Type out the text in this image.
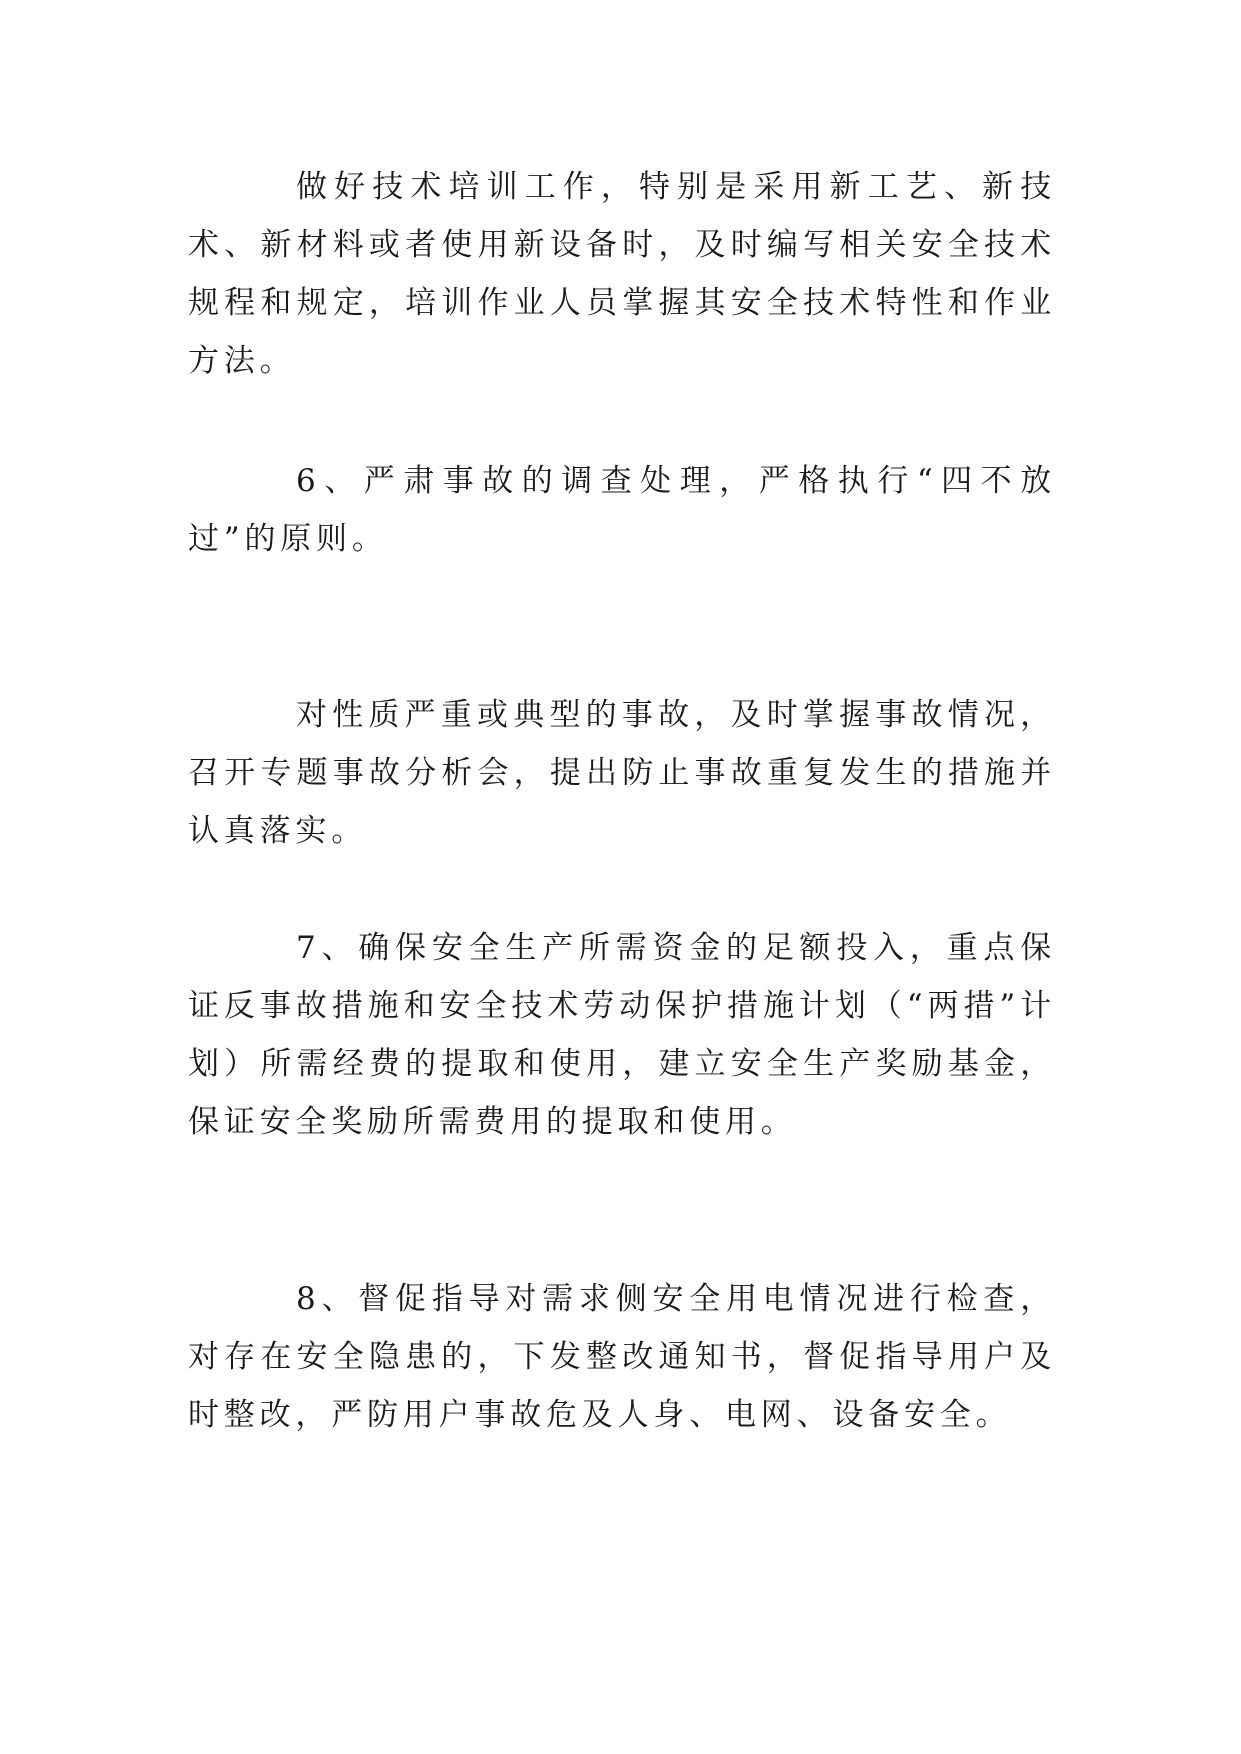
做好技术培训工作，特别是采用新工艺、新技术、新材料或者使用新设备时，及时编写相关安全技术规程和规定，培训作业人员掌握其安全技术特性和作业方法。

6、严肃事故的调查处理，严格执行“四不放过”的原则。

对性质严重或典型的事故，及时掌握事故情况，召开专题事故分析会，提出防止事故重复发生的措施并认真落实。

7、确保安全生产所需资金的足额投入，重点保证反事故措施和安全技术劳动保护措施计划（“两措”计划）所需经费的提取和使用，建立安全生产奖励基金，保证安全奖励所需费用的提取和使用。

8、督促指导对需求侧安全用电情况进行检查，对存在安全隐患的，下发整改通知书，督促指导用户及时整改，严防用户事故危及人身、电网、设备安全。
